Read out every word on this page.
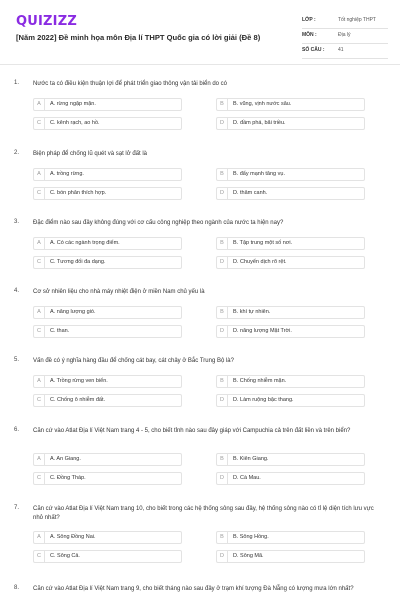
QUIZIZZ
[Năm 2022] Đề minh họa môn Địa lí THPT Quốc gia có lời giải (Đề 8)
LỚP :	Tốt nghiệp THPT
MÔN :	Địa lý
SỐ CÂU :	41
1. Nước ta có điều kiện thuận lợi để phát triển giao thông vận tải biển do có
A	A. rừng ngập mặn.	B	B. vũng, vịnh nước sâu.
C	C. kênh rạch, ao hồ.	D	D. đầm phá, bãi triều.
2. Biện pháp để chống lũ quét và sạt lở đất là
A	A. trồng rừng.	B	B. đẩy mạnh tăng vụ.
C	C. bón phân thích hợp.	D	D. thâm canh.
3. Đặc điểm nào sau đây không đúng với cơ cấu công nghiệp theo ngành của nước ta hiện nay?
A	A. Có các ngành trọng điểm.	B	B. Tập trung một số nơi.
C	C. Tương đối đa dạng.	D	D. Chuyển dịch rõ rệt.
4. Cơ sở nhiên liệu cho nhà máy nhiệt điện ở miền Nam chủ yếu là
A	A. năng lượng gió.	B	B. khí tự nhiên.
C	C. than.	D	D. năng lượng Mặt Trời.
5. Vấn đề có ý nghĩa hàng đầu để chống cát bay, cát chảy ở Bắc Trung Bộ là?
A	A. Trồng rừng ven biển.	B	B. Chống nhiễm mặn.
C	C. Chống ô nhiễm đất.	D	D. Làm ruộng bậc thang.
6. Căn cứ vào Atlat Địa lí Việt Nam trang 4 - 5, cho biết tỉnh nào sau đây giáp với Campuchia cả trên đất liền và trên biển?
A	A. An Giang.	B	B. Kiên Giang.
C	C. Đồng Tháp.	D	D. Cà Mau.
7. Căn cứ vào Atlat Địa lí Việt Nam trang 10, cho biết trong các hệ thống sông sau đây, hệ thống sông nào có tỉ lệ diện tích lưu vực nhỏ nhất?
A	A. Sông Đồng Nai.	B	B. Sông Hồng.
C	C. Sông Cả.	D	D. Sông Mã.
8. Căn cứ vào Atlat Địa lí Việt Nam trang 9, cho biết tháng nào sau đây ở trạm khí tượng Đà Nẵng có lượng mưa lớn nhất?
